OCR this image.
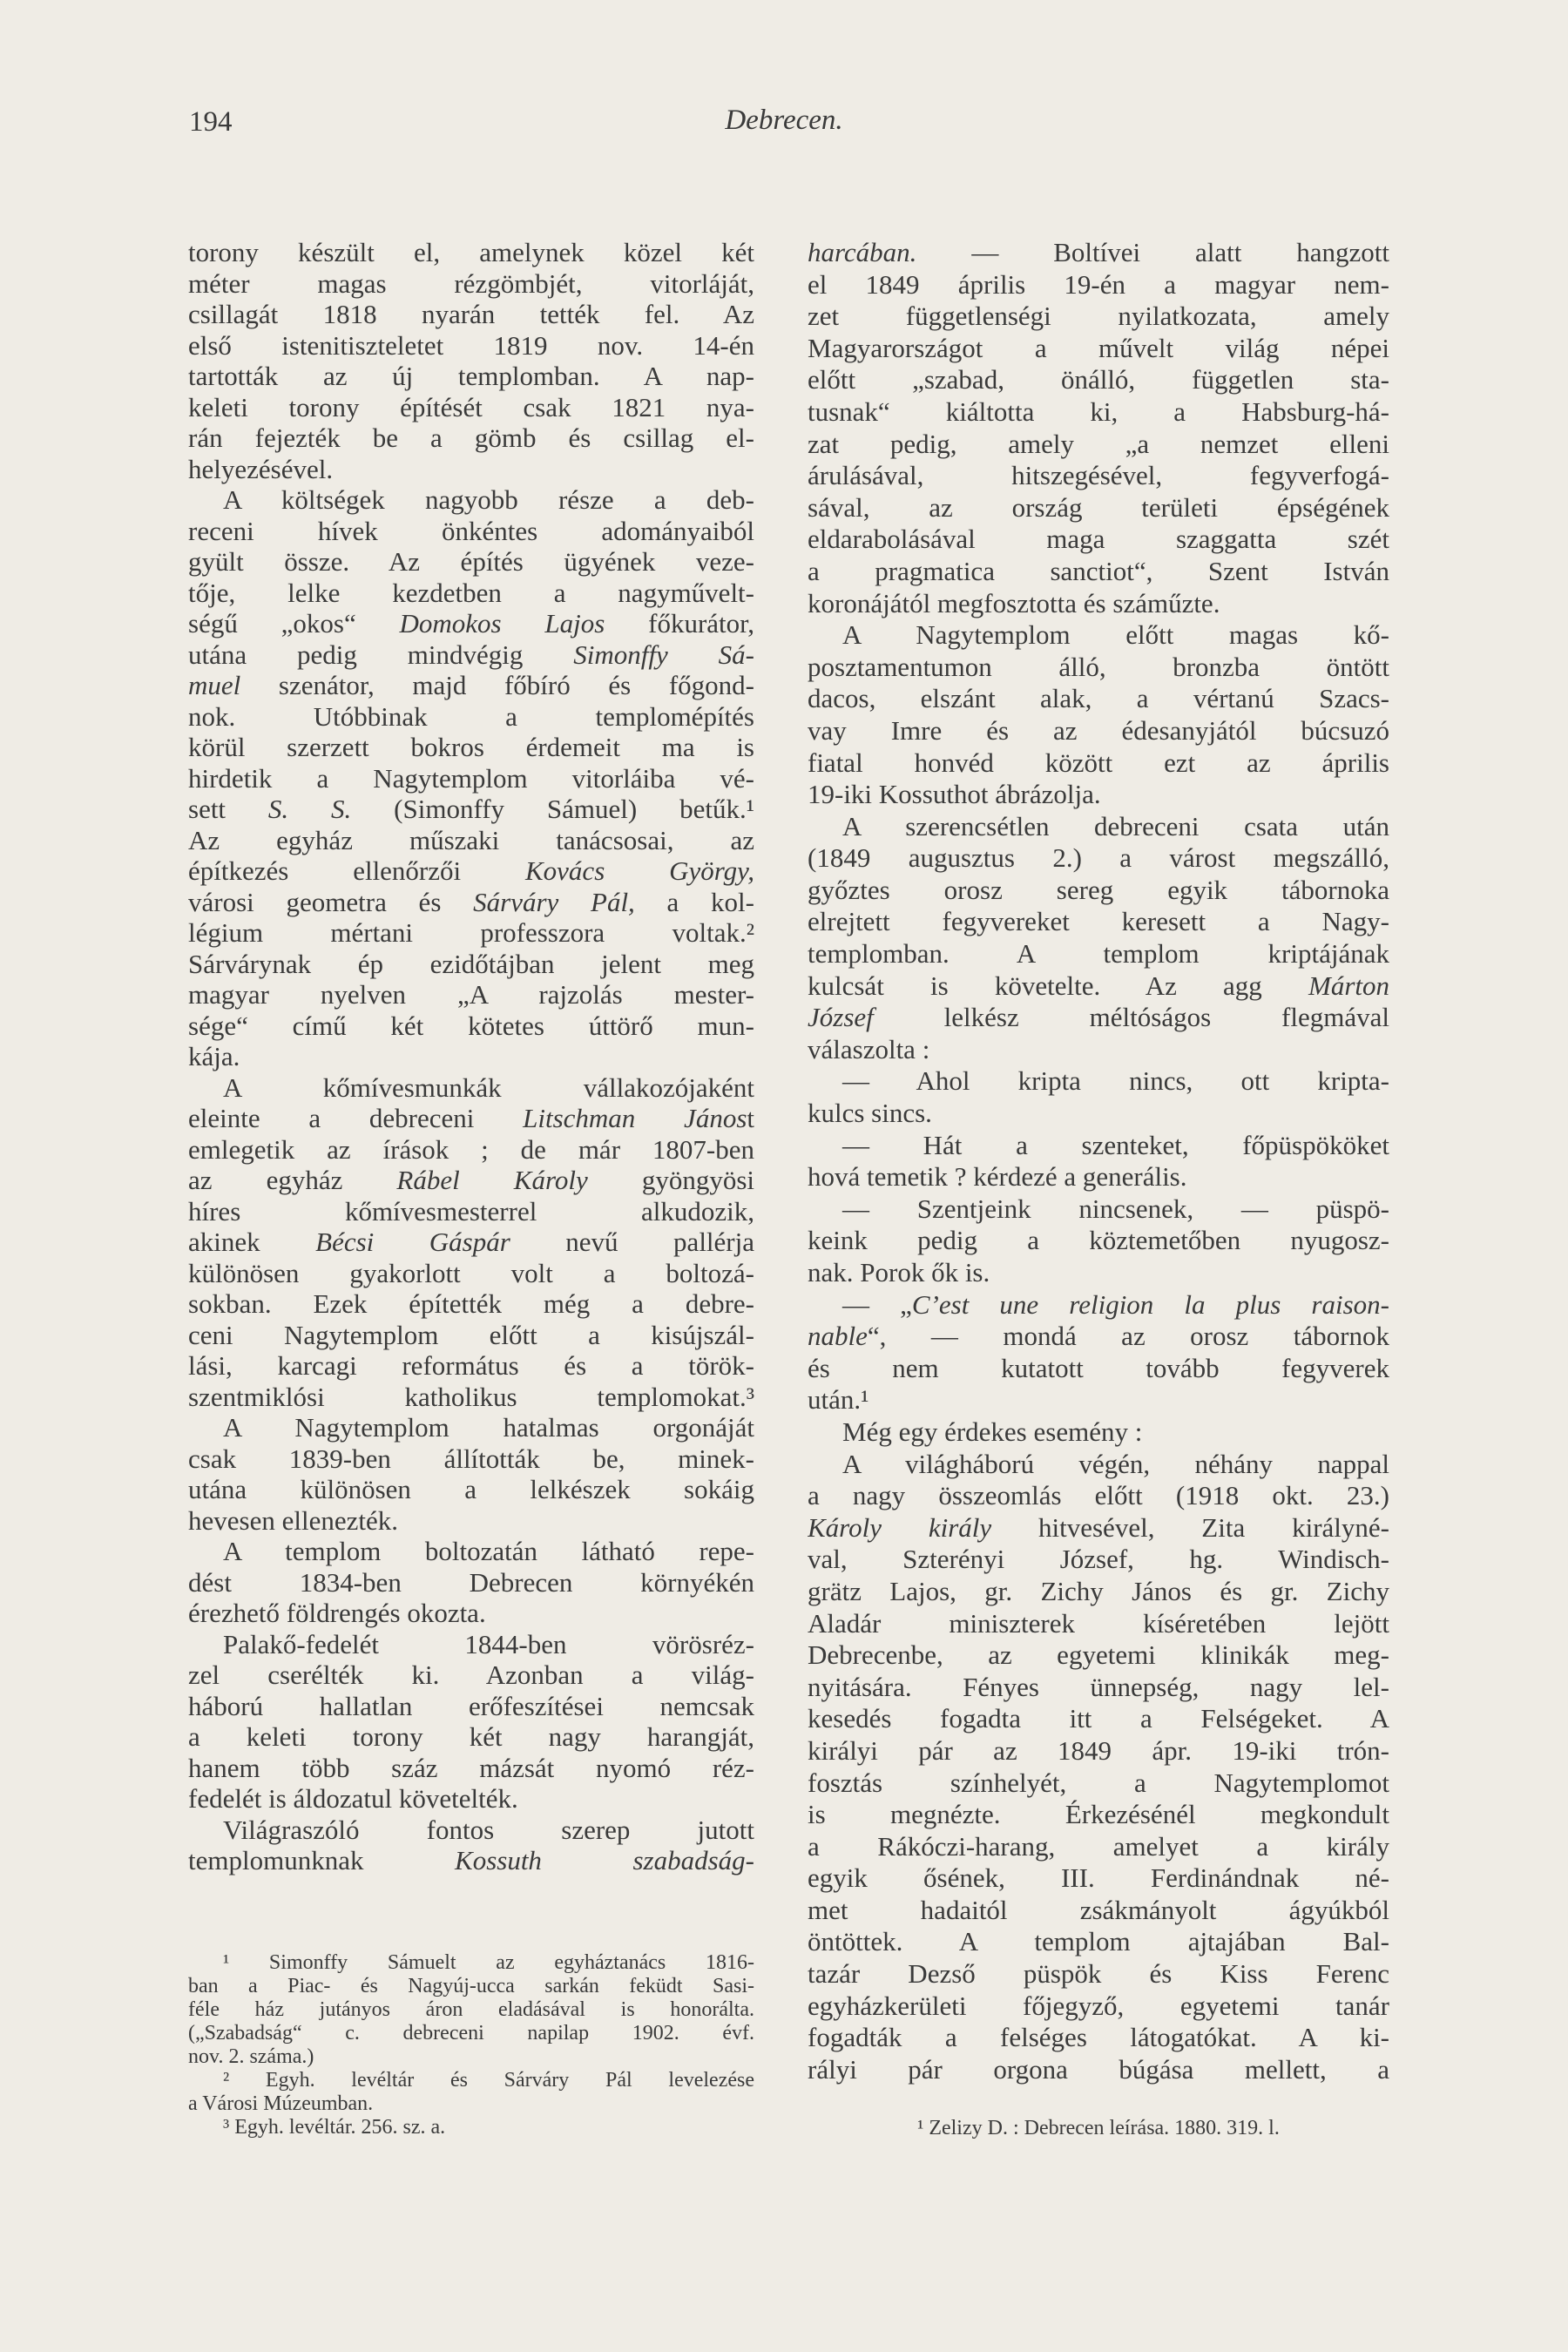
194	Debrecen.
torony készült el, amelynek közel két
méter magas rézgömbjét, vitorláját,
csillagát 1818 nyarán tették fel. Az
első istenitiszteletet 1819 nov. 14-én
tartották az új templomban. A nap-
keleti torony építését csak 1821 nya-
rán fejezték be a gömb és csillag el-
helyezésével.
A költségek nagyobb része a deb-
receni hívek önkéntes adományaiból
gyült össze. Az építés ügyének veze-
tője, lelke kezdetben a nagyművelt-
ségű „okos“ Domokos Lajos főkurátor,
utána pedig mindvégig Simonffy Sá-
muel szenátor, majd főbíró és főgond-
nok. Utóbbinak a templomépítés
körül szerzett bokros érdemeit ma is
hirdetik a Nagytemplom vitorláiba vé-
sett S. S. (Simonffy Sámuel) betűk.¹
Az egyház műszaki tanácsosai, az
építkezés ellenőrzői Kovács György,
városi geometra és Sárváry Pál, a kol-
légium mértani professzora voltak.²
Sárvárynak ép ezidőtájban jelent meg
magyar nyelven „A rajzolás mester-
sége“ című két kötetes úttörő mun-
kája.
A kőmívesmunkák vállakozójaként
eleinte a debreceni Litschman Jánost
emlegetik az írások ; de már 1807-ben
az egyház Rábel Károly gyöngyösi
híres kőmívesmesterrel alkudozik,
akinek Bécsi Gáspár nevű pallérja
különösen gyakorlott volt a boltozá-
sokban. Ezek építették még a debre-
ceni Nagytemplom előtt a kisújszál-
lási, karcagi református és a török-
szentmiklósi katholikus templomokat.³
A Nagytemplom hatalmas orgonáját
csak 1839-ben állították be, minek-
utána különösen a lelkészek sokáig
hevesen ellenezték.
A templom boltozatán látható repe-
dést 1834-ben Debrecen környékén
érezhető földrengés okozta.
Palakő-fedelét 1844-ben vörösréz-
zel cserélték ki. Azonban a világ-
háború hallatlan erőfeszítései nemcsak
a keleti torony két nagy harangját,
hanem több száz mázsát nyomó réz-
fedelét is áldozatul követelték.
Világraszóló fontos szerep jutott
templomunknak Kossuth szabadság-
harcában. — Boltívei alatt hangzott
el 1849 április 19-én a magyar nem-
zet függetlenségi nyilatkozata, amely
Magyarországot a művelt világ népei
előtt „szabad, önálló, független sta-
tusnak“ kiáltotta ki, a Habsburg-há-
zat pedig, amely „a nemzet elleni
árulásával, hitszegésével, fegyverfogá-
sával, az ország területi épségének
eldarabolásával maga szaggatta szét
a pragmatica sanctiot“, Szent István
koronájától megfosztotta és száműzte.
A Nagytemplom előtt magas kő-
posztamentumon álló, bronzba öntött
dacos, elszánt alak, a vértanú Szacs-
vay Imre és az édesanyjától búcsuzó
fiatal honvéd között ezt az április
19-iki Kossuthot ábrázolja.
A szerencsétlen debreceni csata után
(1849 augusztus 2.) a várost megszálló,
győztes orosz sereg egyik tábornoka
elrejtett fegyvereket keresett a Nagy-
templomban. A templom kriptájának
kulcsát is követelte. Az agg Márton
József lelkész méltóságos flegmával
válaszolta :
— Ahol kripta nincs, ott kripta-
kulcs sincs.
— Hát a szenteket, főpüspököket
hová temetik ? kérdezé a generális.
— Szentjeink nincsenek, — püspö-
keink pedig a köztemetőben nyugosz-
nak. Porok ők is.
— „C’est une religion la plus raison-
nable“, — mondá az orosz tábornok
és nem kutatott tovább fegyverek
után.¹
Még egy érdekes esemény :
A világháború végén, néhány nappal
a nagy összeomlás előtt (1918 okt. 23.)
Károly király hitvesével, Zita királyné-
val, Szterényi József, hg. Windisch-
grätz Lajos, gr. Zichy János és gr. Zichy
Aladár miniszterek kíséretében lejött
Debrecenbe, az egyetemi klinikák meg-
nyitására. Fényes ünnepség, nagy lel-
kesedés fogadta itt a Felségeket. A
királyi pár az 1849 ápr. 19-iki trón-
fosztás színhelyét, a Nagytemplomot
is megnézte. Érkezésénél megkondult
a Rákóczi-harang, amelyet a király
egyik ősének, III. Ferdinándnak né-
met hadaitól zsákmányolt ágyúkból
öntöttek. A templom ajtajában Bal-
tazár Dezső püspök és Kiss Ferenc
egyházkerületi főjegyző, egyetemi tanár
fogadták a felséges látogatókat. A ki-
rályi pár orgona búgása mellett, a
¹ Simonffy Sámuelt az egyháztanács 1816-
ban a Piac- és Nagyúj-ucca sarkán feküdt Sasi-
féle ház jutányos áron eladásával is honorálta.
(„Szabadság“ c. debreceni napilap 1902. évf.
nov. 2. száma.)
² Egyh. levéltár és Sárváry Pál levelezése
a Városi Múzeumban.
³ Egyh. levéltár. 256. sz. a.	¹ Zelizy D. : Debrecen leírása. 1880. 319. l.
